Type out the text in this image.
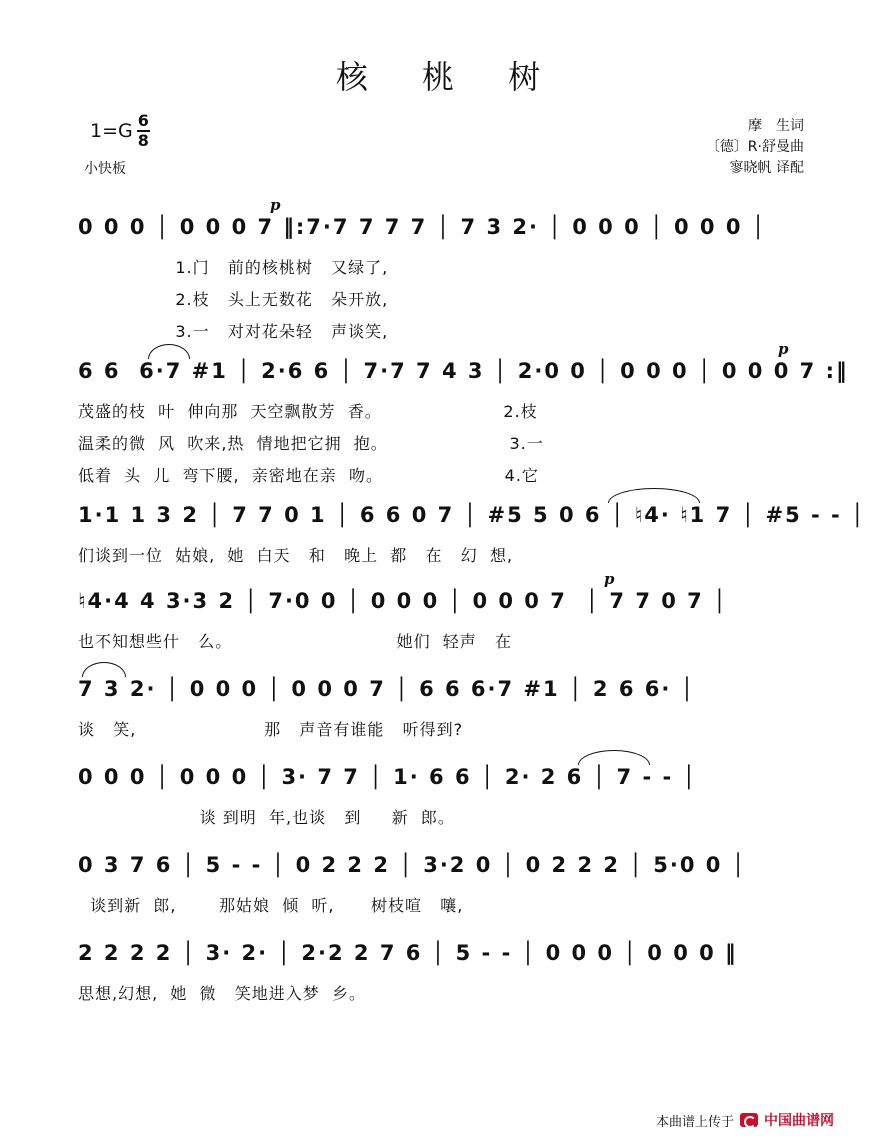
核 桃 树
$1=G \frac{6}{8}$
小快板
摩　生词
〔德〕R·舒曼曲
寥晓帆 译配
p
0 0 0 │ 0 0 0 7 ‖:7·7 7 7 7 │ 7 3 2· │ 0 0 0 │ 0 0 0 │
1.门   前的核桃树   又绿了,
2.枝   头上无数花   朵开放,
3.一   对对花朵轻   声谈笑,
p
6 6  6·7 #1 │ 2·6 6 │ 7·7 7 4 3 │ 2·0 0 │ 0 0 0 │ 0 0 0 7 :‖
茂盛的枝  叶  伸向那  天空飘散芳  香。                    2.枝
温柔的微  风  吹来,热  情地把它拥  抱。                    3.一
低着  头  儿  弯下腰,  亲密地在亲  吻。                    4.它
1·1 1 3 2 │ 7 7 0 1 │ 6 6 0 7 │ #5 5 0 6 │ ♮4· ♮1 7 │ #5 - - │
们谈到一位  姑娘,  她  白天   和   晚上  都   在   幻  想,
p
♮4·4 4 3·3 2 │ 7·0 0 │ 0 0 0 │ 0 0 0 7  │ 7 7 0 7 │
也不知想些什   么。                           她们  轻声   在
7 3 2· │ 0 0 0 │ 0 0 0 7 │ 6 6 6·7 #1 │ 2 6 6· │
谈   笑,                     那   声音有谁能   听得到?
0 0 0 │ 0 0 0 │ 3· 7 7 │ 1· 6 6 │ 2· 2 6 │ 7 - - │
谈 到明  年,也谈   到     新  郎。
0 3 7 6 │ 5 - - │ 0 2 2 2 │ 3·2 0 │ 0 2 2 2 │ 5·0 0 │
谈到新  郎,       那姑娘  倾  听,      树枝喧   嚷,
2 2 2 2 │ 3· 2· │ 2·2 2 7 6 │ 5 - - │ 0 0 0 │ 0 0 0 ‖
思想,幻想,  她  微   笑地进入梦  乡。
本曲谱上传于 中国曲谱网
